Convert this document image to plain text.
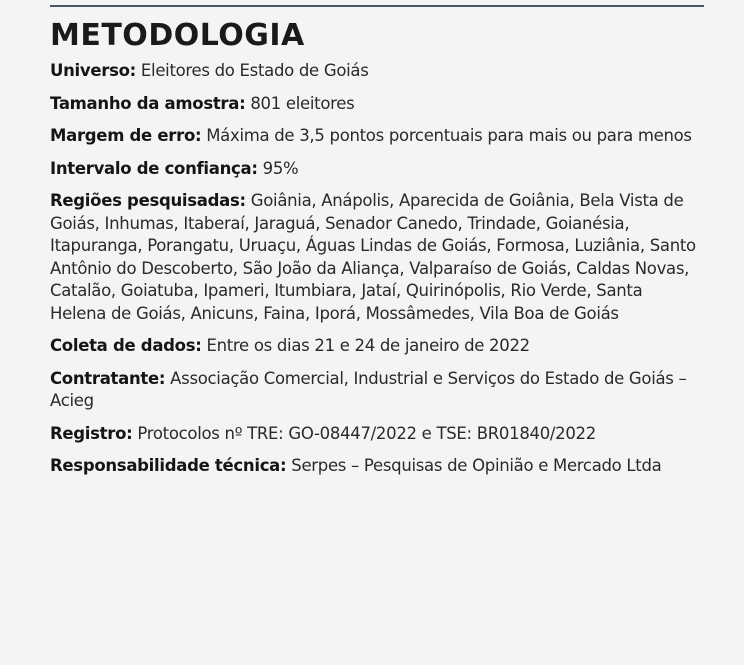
METODOLOGIA

Universo: Eleitores do Estado de Goiás

Tamanho da amostra: 801 eleitores

Margem de erro: Máxima de 3,5 pontos porcentuais para mais ou para menos

Intervalo de confiança: 95%

Regiões pesquisadas: Goiânia, Anápolis, Aparecida de Goiânia, Bela Vista de Goiás, Inhumas, Itaberaí, Jaraguá, Senador Canedo, Trindade, Goianésia, Itapuranga, Porangatu, Uruaçu, Águas Lindas de Goiás, Formosa, Luziânia, Santo Antônio do Descoberto, São João da Aliança, Valparaíso de Goiás, Caldas Novas, Catalão, Goiatuba, Ipameri, Itumbiara, Jataí, Quirinópolis, Rio Verde, Santa Helena de Goiás, Anicuns, Faina, Iporá, Mossâmedes, Vila Boa de Goiás

Coleta de dados: Entre os dias 21 e 24 de janeiro de 2022

Contratante: Associação Comercial, Industrial e Serviços do Estado de Goiás – Acieg

Registro: Protocolos nº TRE: GO-08447/2022 e TSE: BR01840/2022

Responsabilidade técnica: Serpes – Pesquisas de Opinião e Mercado Ltda
